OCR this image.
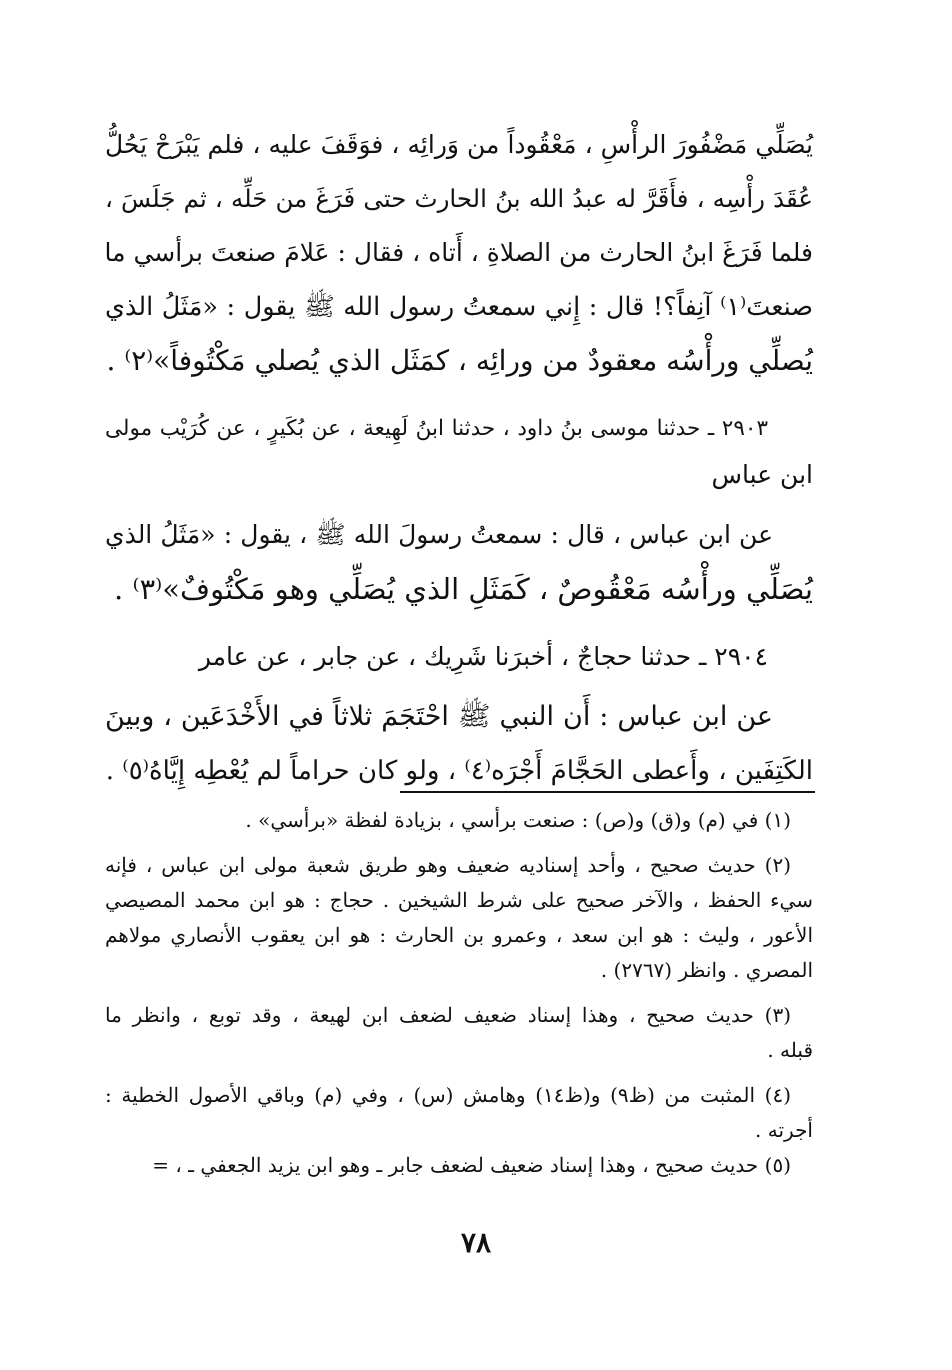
يُصَلِّي مَضْفُورَ الرأْسِ ، مَعْقُوداً من وَرائِه ، فوَقَفَ عليه ، فلم يَبْرَحْ يَحُلُّ
عُقَدَ رأْسِه ، فأَقَرَّ له عبدُ الله بنُ الحارث حتى فَرَغَ من حَلِّه ، ثم جَلَسَ ،
فلما فَرَغَ ابنُ الحارث من الصلاةِ ، أَتاه ، فقال : عَلامَ صنعتَ برأسي ما
صنعتَ⁽١⁾ آنِفاً؟! قال : إِني سمعتُ رسول الله ﷺ يقول : «مَثَلُ الذي
يُصلِّي ورأْسُه معقودٌ من ورائِه ، كمَثَل الذي يُصلي مَكْتُوفاً»⁽٢⁾ .
٢٩٠٣ ـ حدثنا موسى بنُ داود ، حدثنا ابنُ لَهِيعة ، عن بُكَيرٍ ، عن كُرَيْب مولى
ابن عباس
عن ابن عباس ، قال : سمعتُ رسولَ الله ﷺ ، يقول : «مَثَلُ الذي
يُصَلِّي ورأْسُه مَعْقُوصٌ ، كَمَثَلِ الذي يُصَلِّي وهو مَكْتُوفٌ»⁽٣⁾ .
٢٩٠٤ ـ حدثنا حجاجٌ ، أخبرَنا شَرِيك ، عن جابر ، عن عامر
عن ابن عباس : أَن النبي ﷺ احْتَجَمَ ثلاثاً في الأَخْدَعَين ، وبينَ
الكَتِفَين ، وأَعطى الحَجَّامَ أَجْرَه⁽٤⁾ ، ولو كان حراماً لم يُعْطِه إِيَّاهُ⁽٥⁾ .
(١) في (م) و(ق) و(ص) : صنعت برأسي ، بزيادة لفظة «برأسي» .
(٢) حديث صحيح ، وأحد إسناديه ضعيف وهو طريق شعبة مولى ابن عباس ، فإنه
سيء الحفظ ، والآخر صحيح على شرط الشيخين . حجاج : هو ابن محمد المصيصي
الأعور ، وليث : هو ابن سعد ، وعمرو بن الحارث : هو ابن يعقوب الأنصاري مولاهم
المصري . وانظر (٢٧٦٧) .
(٣) حديث صحيح ، وهذا إسناد ضعيف لضعف ابن لهيعة ، وقد توبع ، وانظر ما
قبله .
(٤) المثبت من (ظ٩) و(ظ١٤) وهامش (س) ، وفي (م) وباقي الأصول الخطية :
أجرته .
(٥) حديث صحيح ، وهذا إسناد ضعيف لضعف جابر ـ وهو ابن يزيد الجعفي ـ ، =
٧٨
